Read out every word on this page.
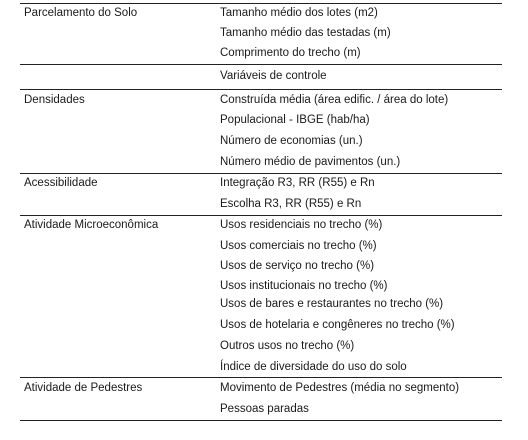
Parcelamento do Solo	Tamanho médio dos lotes (m2)
Tamanho médio das testadas (m)
Comprimento do trecho (m)
Variáveis de controle
Densidades	Construída média (área edific. / área do lote)
Populacional - IBGE (hab/ha)
Número de economias (un.)
Número médio de pavimentos (un.)
Acessibilidade	Integração R3, RR (R55) e Rn
Escolha R3, RR (R55) e Rn
Atividade Microeconômica	Usos residenciais no trecho (%)
Usos comerciais no trecho (%)
Usos de serviço no trecho (%)
Usos institucionais no trecho (%)
Usos de bares e restaurantes no trecho (%)
Usos de hotelaria e congêneres no trecho (%)
Outros usos no trecho (%)
Índice de diversidade do uso do solo
Atividade de Pedestres	Movimento de Pedestres (média no segmento)
Pessoas paradas
